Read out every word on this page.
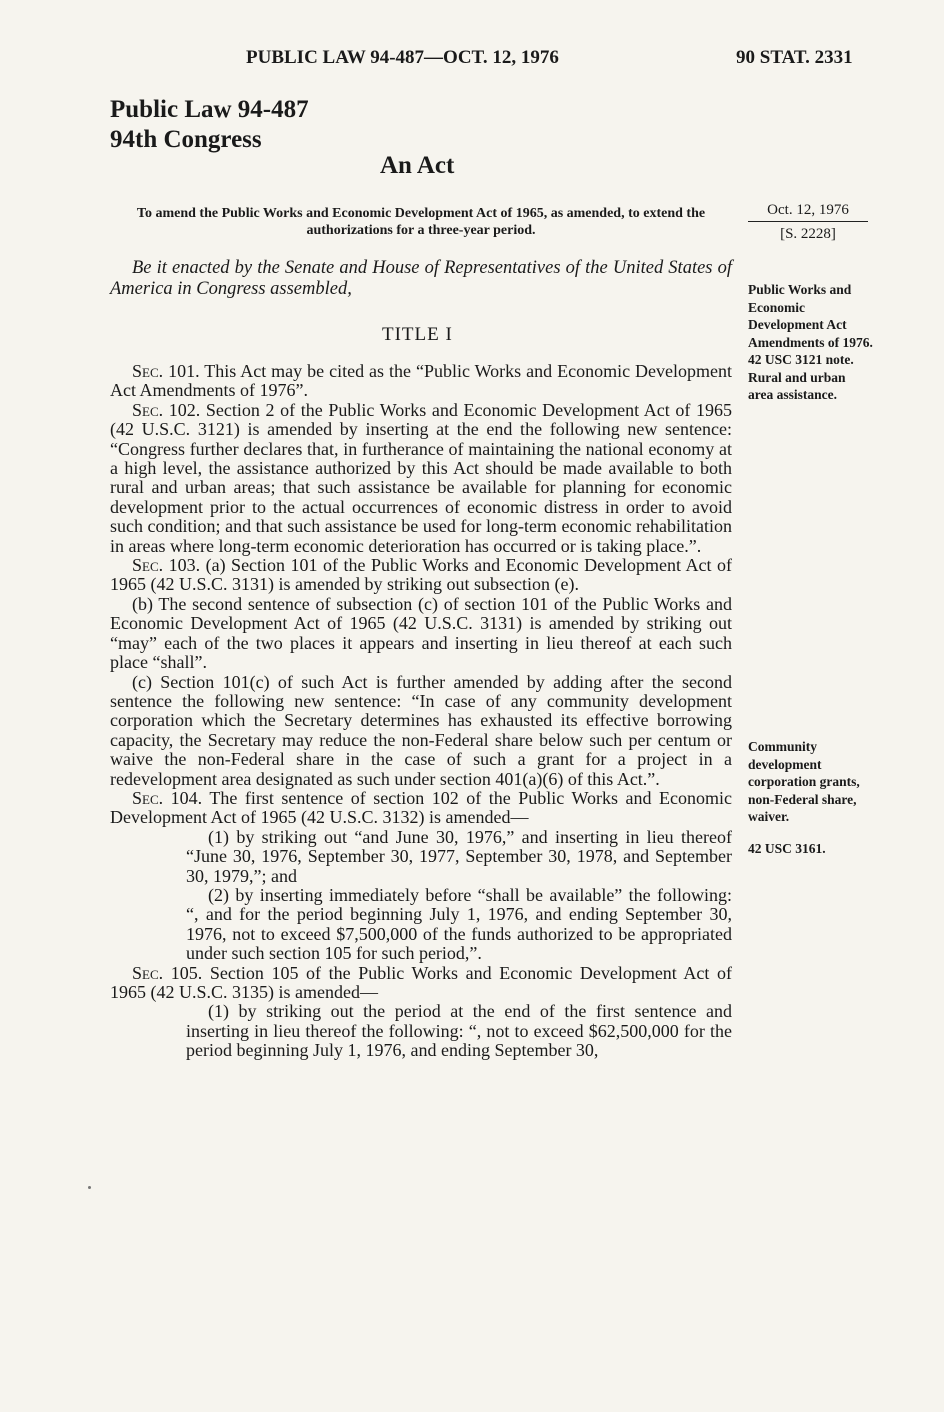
PUBLIC LAW 94-487—OCT. 12, 1976	90 STAT. 2331
Public Law 94-487
94th Congress
An Act
To amend the Public Works and Economic Development Act of 1965, as amended, to extend the authorizations for a three-year period.
Oct. 12, 1976
[S. 2228]
Be it enacted by the Senate and House of Representatives of the United States of America in Congress assembled,
TITLE I

Sec. 101. This Act may be cited as the “Public Works and Economic Development Act Amendments of 1976”.

Sec. 102. Section 2 of the Public Works and Economic Development Act of 1965 (42 U.S.C. 3121) is amended by inserting at the end the following new sentence: “Congress further declares that, in furtherance of maintaining the national economy at a high level, the assistance authorized by this Act should be made available to both rural and urban areas; that such assistance be available for planning for economic development prior to the actual occurrences of economic distress in order to avoid such condition; and that such assistance be used for long-term economic rehabilitation in areas where long-term economic deterioration has occurred or is taking place.”.

Sec. 103. (a) Section 101 of the Public Works and Economic Development Act of 1965 (42 U.S.C. 3131) is amended by striking out subsection (e).

(b) The second sentence of subsection (c) of section 101 of the Public Works and Economic Development Act of 1965 (42 U.S.C. 3131) is amended by striking out “may” each of the two places it appears and inserting in lieu thereof at each such place “shall”.

(c) Section 101(c) of such Act is further amended by adding after the second sentence the following new sentence: “In case of any community development corporation which the Secretary determines has exhausted its effective borrowing capacity, the Secretary may reduce the non-Federal share below such per centum or waive the non-Federal share in the case of such a grant for a project in a redevelopment area designated as such under section 401(a)(6) of this Act.”.

Sec. 104. The first sentence of section 102 of the Public Works and Economic Development Act of 1965 (42 U.S.C. 3132) is amended—

(1) by striking out “and June 30, 1976,” and inserting in lieu thereof “June 30, 1976, September 30, 1977, September 30, 1978, and September 30, 1979,”; and

(2) by inserting immediately before “shall be available” the following: “, and for the period beginning July 1, 1976, and ending September 30, 1976, not to exceed $7,500,000 of the funds authorized to be appropriated under such section 105 for such period,”.

Sec. 105. Section 105 of the Public Works and Economic Development Act of 1965 (42 U.S.C. 3135) is amended—

(1) by striking out the period at the end of the first sentence and inserting in lieu thereof the following: “, not to exceed $62,500,000 for the period beginning July 1, 1976, and ending September 30,

Public Works and Economic Development Act Amendments of 1976.
42 USC 3121 note.
Rural and urban area assistance.
Community development corporation grants, non-Federal share, waiver.
42 USC 3161.
